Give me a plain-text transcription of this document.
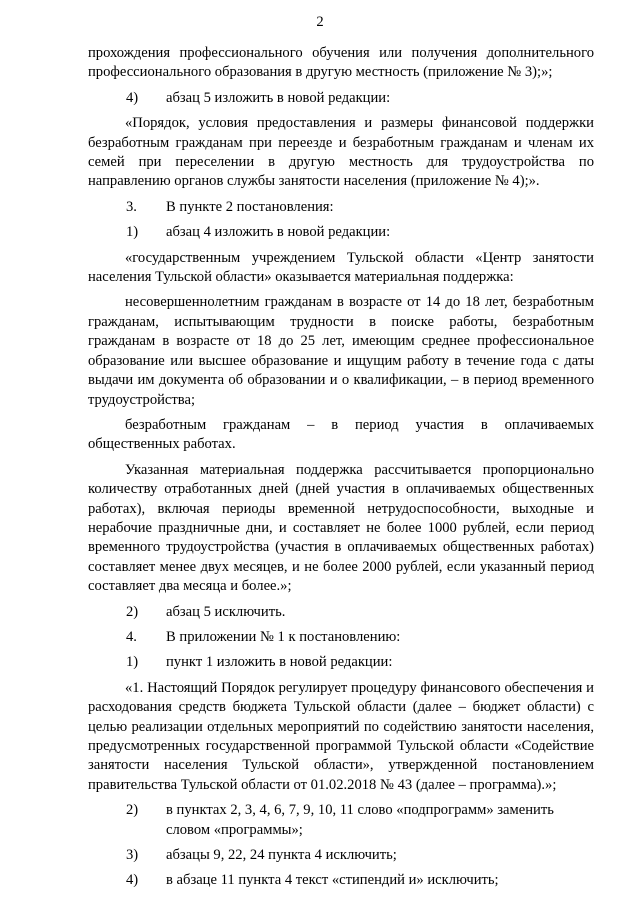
2

прохождения профессионального обучения или получения дополнительного профессионального образования в другую местность (приложение № 3);»;

4)	абзац 5 изложить в новой редакции:

«Порядок, условия предоставления и размеры финансовой поддержки безработным гражданам при переезде и безработным гражданам и членам их семей при переселении в другую местность для трудоустройства по направлению органов службы занятости населения (приложение № 4);».

3.	В пункте 2 постановления:
1)	абзац 4 изложить в новой редакции:

«государственным учреждением Тульской области «Центр занятости населения Тульской области» оказывается материальная поддержка:

несовершеннолетним гражданам в возрасте от 14 до 18 лет, безработным гражданам, испытывающим трудности в поиске работы, безработным гражданам в возрасте от 18 до 25 лет, имеющим среднее профессиональное образование или высшее образование и ищущим работу в течение года с даты выдачи им документа об образовании и о квалификации, – в период временного трудоустройства;

безработным гражданам – в период участия в оплачиваемых общественных работах.

Указанная материальная поддержка рассчитывается пропорционально количеству отработанных дней (дней участия в оплачиваемых общественных работах), включая периоды временной нетрудоспособности, выходные и нерабочие праздничные дни, и составляет не более 1000 рублей, если период временного трудоустройства (участия в оплачиваемых общественных работах) составляет менее двух месяцев, и не более 2000 рублей, если указанный период составляет два месяца и более.»;

2)	абзац 5 исключить.
4.	В приложении № 1 к постановлению:
1)	пункт 1 изложить в новой редакции:

«1. Настоящий Порядок регулирует процедуру финансового обеспечения и расходования средств бюджета Тульской области (далее – бюджет области) с целью реализации отдельных мероприятий по содействию занятости населения, предусмотренных государственной программой Тульской области «Содействие занятости населения Тульской области», утвержденной постановлением правительства Тульской области от 01.02.2018 № 43 (далее – программа).»;

2)	в пунктах 2, 3, 4, 6, 7, 9, 10, 11 слово «подпрограмм» заменить словом «программы»;
3)	абзацы 9, 22, 24 пункта 4 исключить;
4)	в абзаце 11 пункта 4 текст «стипендий и» исключить;
